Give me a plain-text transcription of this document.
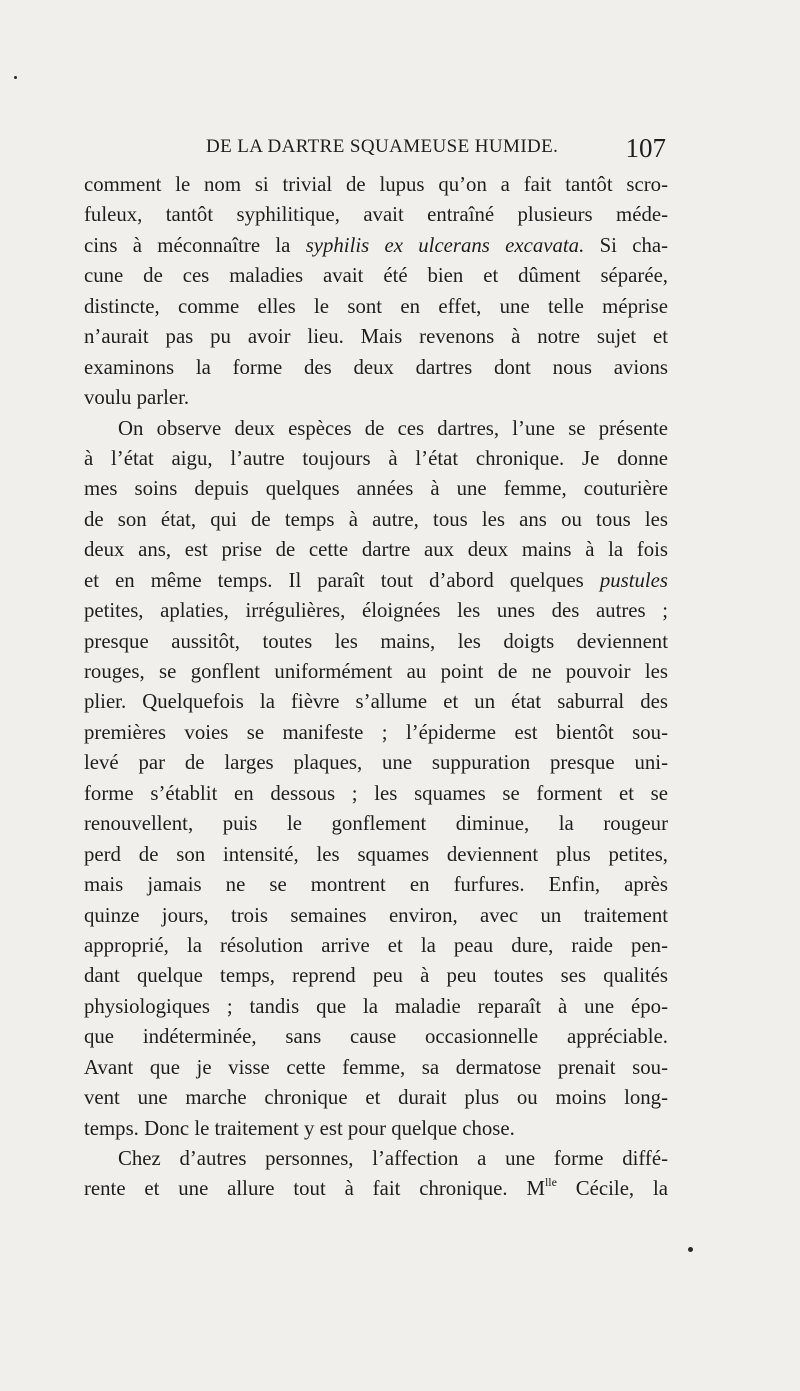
DE LA DARTRE SQUAMEUSE HUMIDE. 107
comment le nom si trivial de lupus qu’on a fait tantôt scro-
fuleux, tantôt syphilitique, avait entraîné plusieurs méde-
cins à méconnaître la syphilis ex ulcerans excavata. Si cha-
cune de ces maladies avait été bien et dûment séparée,
distincte, comme elles le sont en effet, une telle méprise
n’aurait pas pu avoir lieu. Mais revenons à notre sujet et
examinons la forme des deux dartres dont nous avions
voulu parler.
On observe deux espèces de ces dartres, l’une se présente
à l’état aigu, l’autre toujours à l’état chronique. Je donne
mes soins depuis quelques années à une femme, couturière
de son état, qui de temps à autre, tous les ans ou tous les
deux ans, est prise de cette dartre aux deux mains à la fois
et en même temps. Il paraît tout d’abord quelques pustules
petites, aplaties, irrégulières, éloignées les unes des autres ;
presque aussitôt, toutes les mains, les doigts deviennent
rouges, se gonflent uniformément au point de ne pouvoir les
plier. Quelquefois la fièvre s’allume et un état saburral des
premières voies se manifeste ; l’épiderme est bientôt sou-
levé par de larges plaques, une suppuration presque uni-
forme s’établit en dessous ; les squames se forment et se
renouvellent, puis le gonflement diminue, la rougeur
perd de son intensité, les squames deviennent plus petites,
mais jamais ne se montrent en furfures. Enfin, après
quinze jours, trois semaines environ, avec un traitement
approprié, la résolution arrive et la peau dure, raide pen-
dant quelque temps, reprend peu à peu toutes ses qualités
physiologiques ; tandis que la maladie reparaît à une épo-
que indéterminée, sans cause occasionnelle appréciable.
Avant que je visse cette femme, sa dermatose prenait sou-
vent une marche chronique et durait plus ou moins long-
temps. Donc le traitement y est pour quelque chose.
Chez d’autres personnes, l’affection a une forme diffé-
rente et une allure tout à fait chronique. $M^{lle}$ Cécile, la
